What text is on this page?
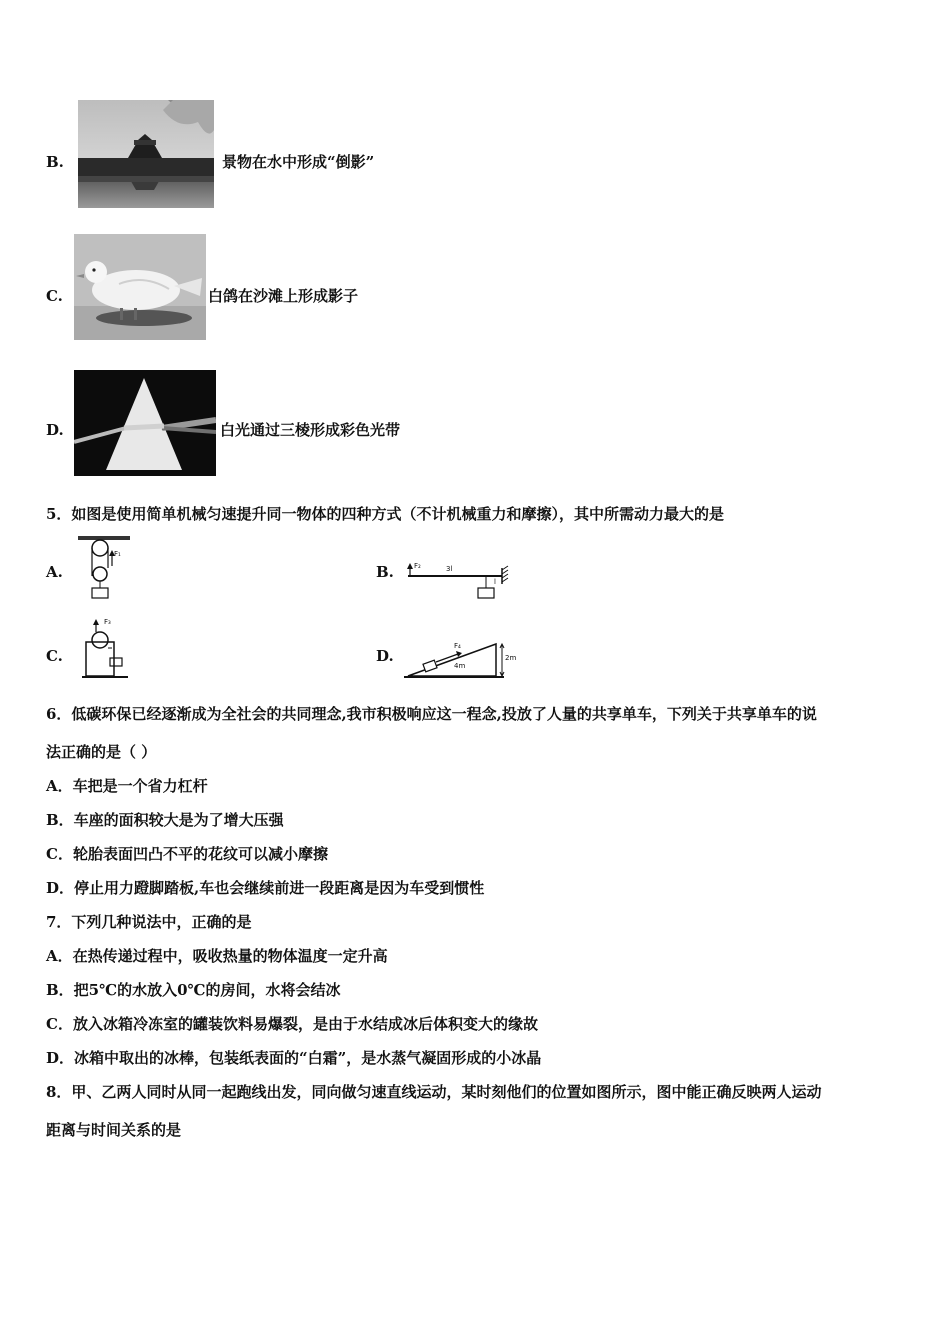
B.	景物在水中形成“倒影”
C.	白鸽在沙滩上形成影子
D.	白光通过三棱形成彩色光带
5．如图是使用简单机械匀速提升同一物体的四种方式（不计机械重力和摩擦），其中所需动力最大的是
A.
F₁
B.	F₂	3l
l
C.
F₃
D.
F₄
4m
2m
6．低碳环保已经逐渐成为全社会的共同理念,我市积极响应这一程念,投放了人量的共享单车，下列关于共享单车的说
法正确的是（ ）
A．车把是一个省力杠杆
B．车座的面积较大是为了增大压强
C．轮胎表面凹凸不平的花纹可以减小摩擦
D．停止用力蹬脚踏板,车也会继续前进一段距离是因为车受到惯性
7．下列几种说法中，正确的是
A．在热传递过程中，吸收热量的物体温度一定升高
B．把5℃的水放入0℃的房间，水将会结冰
C．放入冰箱冷冻室的罐装饮料易爆裂，是由于水结成冰后体积变大的缘故
D．冰箱中取出的冰棒，包装纸表面的“白霜”，是水蒸气凝固形成的小冰晶
8．甲、乙两人同时从同一起跑线出发，同向做匀速直线运动，某时刻他们的位置如图所示，图中能正确反映两人运动
距离与时间关系的是
